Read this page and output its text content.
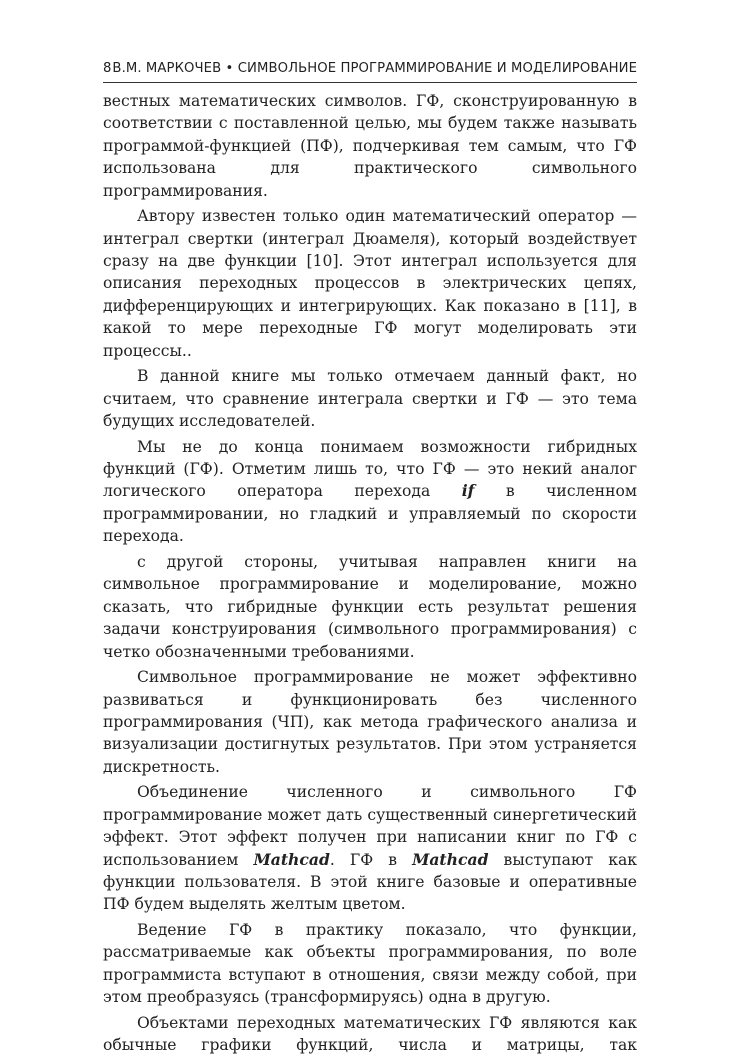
8 В.М. МАРКОЧЕВ • СИМВОЛЬНОЕ ПРОГРАММИРОВАНИЕ И МОДЕЛИРОВАНИЕ

вестных математических символов. ГФ, сконструированную в соответствии с поставленной целью, мы будем также называть программой-функцией (ПФ), подчеркивая тем самым, что ГФ использована для практического символьного программирования.

Автору известен только один математический оператор — интеграл свертки (интеграл Дюамеля), который воздействует сразу на две функции [10]. Этот интеграл используется для описания переходных процессов в электрических цепях, дифференцирующих и интегрирующих. Как показано в [11], в какой то мере переходные ГФ могут моделировать эти процессы..

В данной книге мы только отмечаем данный факт, но считаем, что сравнение интеграла свертки и ГФ — это тема будущих исследователей.

Мы не до конца понимаем возможности гибридных функций (ГФ). Отметим лишь то, что ГФ — это некий аналог логического оператора перехода if в численном программировании, но гладкий и управляемый по скорости перехода.

с другой стороны, учитывая направлен книги на символьное программирование и моделирование, можно сказать, что гибридные функции есть результат решения задачи конструирования (символьного программирования) с четко обозначенными требованиями.

Символьное программирование не может эффективно развиваться и функционировать без численного программирования (ЧП), как метода графического анализа и визуализации достигнутых результатов. При этом устраняется дискретность.

Объединение численного и символьного ГФ программирование может дать существенный синергетический эффект. Этот эффект получен при написании книг по ГФ с использованием Mathcad. ГФ в Mathcad выступают как функции пользователя. В этой книге базовые и оперативные ПФ будем выделять желтым цветом.

Ведение ГФ в практику показало, что функции, рассматриваемые как объекты программирования, по воле программиста вступают в отношения, связи между собой, при этом преобразуясь (трансформируясь) одна в другую.

Объектами переходных математических ГФ являются как обычные графики функций, числа и матрицы, так
